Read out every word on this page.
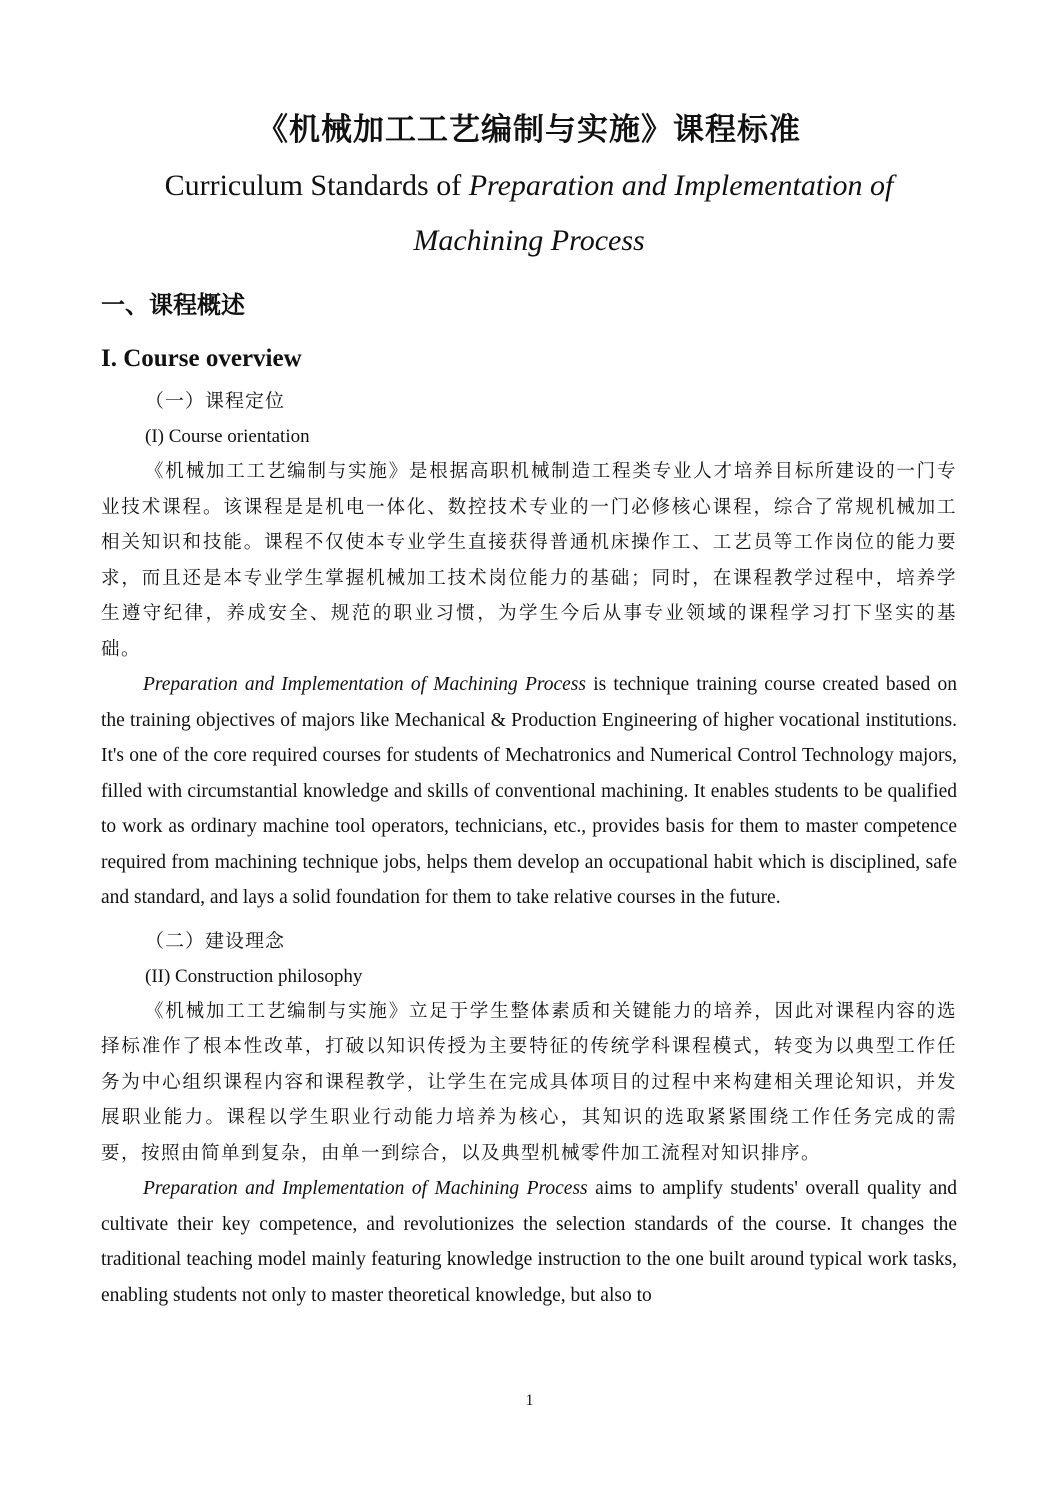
《机械加工工艺编制与实施》课程标准

Curriculum Standards of Preparation and Implementation of Machining Process

一、课程概述
I. Course overview
（一）课程定位
(I) Course orientation

《机械加工工艺编制与实施》是根据高职机械制造工程类专业人才培养目标所建设的一门专业技术课程。该课程是是机电一体化、数控技术专业的一门必修核心课程，综合了常规机械加工相关知识和技能。课程不仅使本专业学生直接获得普通机床操作工、工艺员等工作岗位的能力要求，而且还是本专业学生掌握机械加工技术岗位能力的基础；同时，在课程教学过程中，培养学生遵守纪律，养成安全、规范的职业习惯，为学生今后从事专业领域的课程学习打下坚实的基础。

Preparation and Implementation of Machining Process is technique training course created based on the training objectives of majors like Mechanical & Production Engineering of higher vocational institutions. It's one of the core required courses for students of Mechatronics and Numerical Control Technology majors, filled with circumstantial knowledge and skills of conventional machining. It enables students to be qualified to work as ordinary machine tool operators, technicians, etc., provides basis for them to master competence required from machining technique jobs, helps them develop an occupational habit which is disciplined, safe and standard, and lays a solid foundation for them to take relative courses in the future.

（二）建设理念
(II) Construction philosophy

《机械加工工艺编制与实施》立足于学生整体素质和关键能力的培养，因此对课程内容的选择标准作了根本性改革，打破以知识传授为主要特征的传统学科课程模式，转变为以典型工作任务为中心组织课程内容和课程教学，让学生在完成具体项目的过程中来构建相关理论知识，并发展职业能力。课程以学生职业行动能力培养为核心，其知识的选取紧紧围绕工作任务完成的需要，按照由简单到复杂，由单一到综合，以及典型机械零件加工流程对知识排序。

Preparation and Implementation of Machining Process aims to amplify students' overall quality and cultivate their key competence, and revolutionizes the selection standards of the course. It changes the traditional teaching model mainly featuring knowledge instruction to the one built around typical work tasks, enabling students not only to master theoretical knowledge, but also to

1
